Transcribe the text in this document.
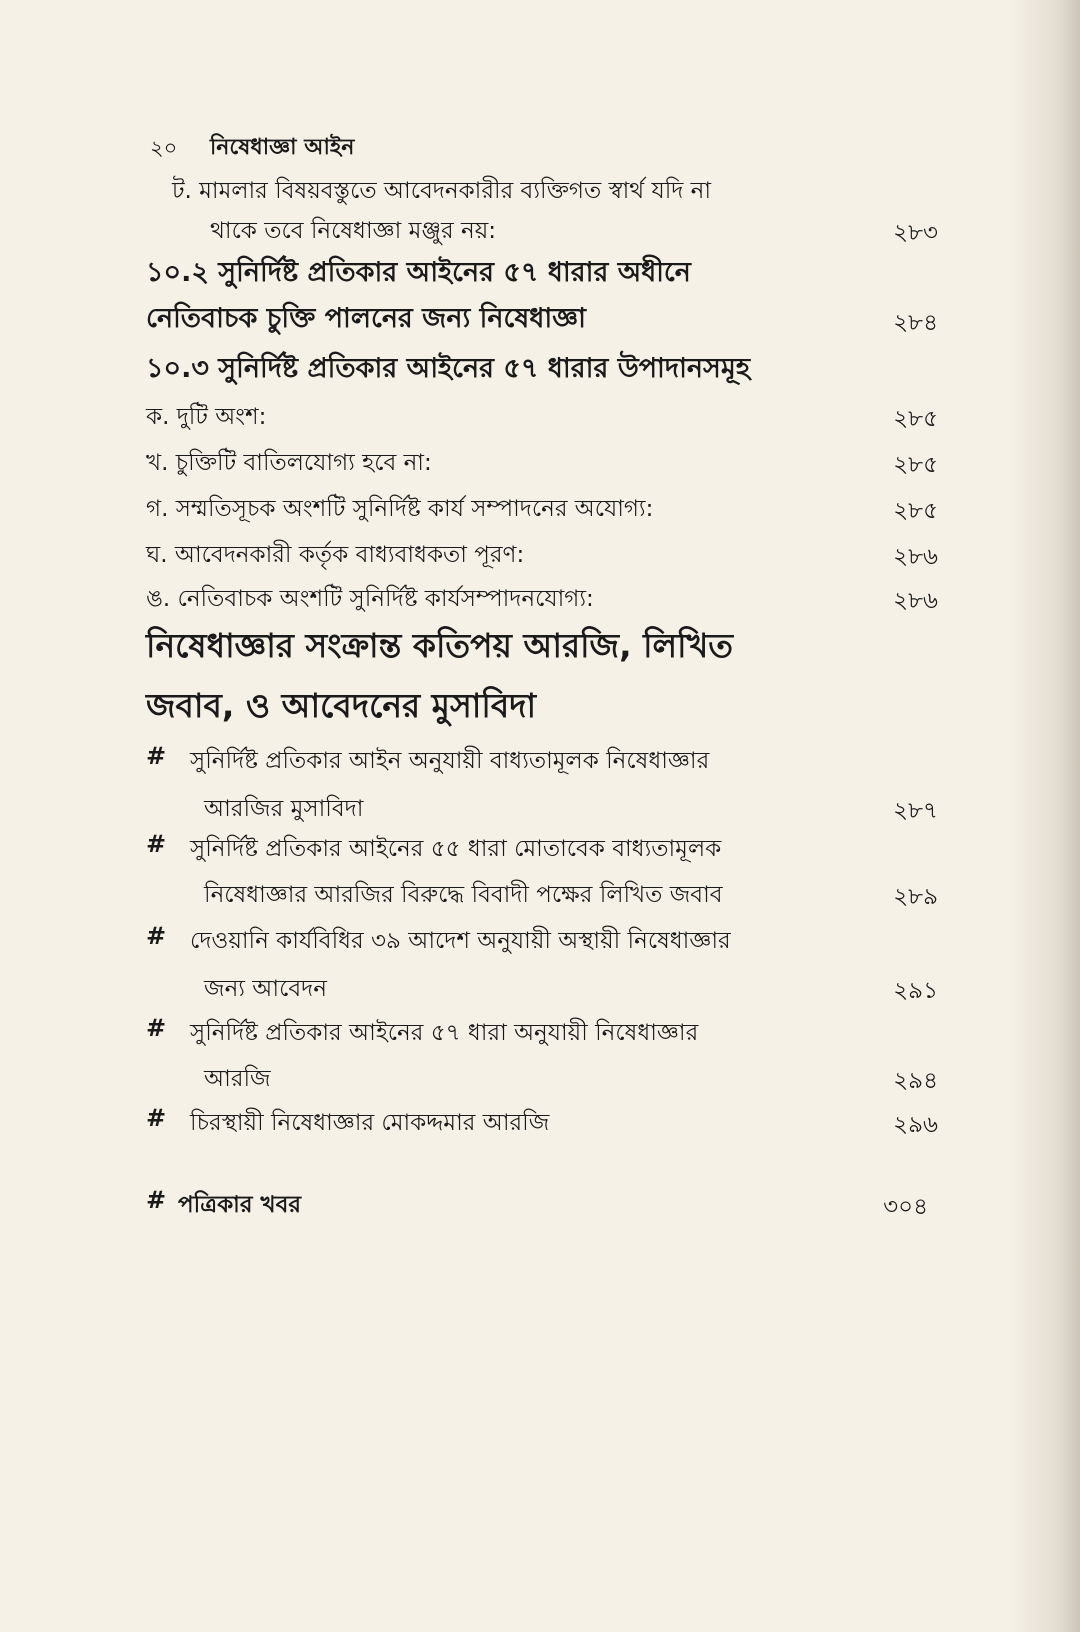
২০ নিষেধাজ্ঞা আইন
ট. মামলার বিষয়বস্তুতে আবেদনকারীর ব্যক্তিগত স্বার্থ যদি না
থাকে তবে নিষেধাজ্ঞা মঞ্জুর নয়:	২৮৩
১০.২ সুনির্দিষ্ট প্রতিকার আইনের ৫৭ ধারার অধীনে
নেতিবাচক চুক্তি পালনের জন্য নিষেধাজ্ঞা	২৮৪
১০.৩ সুনির্দিষ্ট প্রতিকার আইনের ৫৭ ধারার উপাদানসমূহ
ক. দুটি অংশ:	২৮৫
খ. চুক্তিটি বাতিলযোগ্য হবে না:	২৮৫
গ. সম্মতিসূচক অংশটি সুনির্দিষ্ট কার্য সম্পাদনের অযোগ্য:	২৮৫
ঘ. আবেদনকারী কর্তৃক বাধ্যবাধকতা পূরণ:	২৮৬
ঙ. নেতিবাচক অংশটি সুনির্দিষ্ট কার্যসম্পাদনযোগ্য:	২৮৬
নিষেধাজ্ঞার সংক্রান্ত কতিপয় আরজি, লিখিত
জবাব, ও আবেদনের মুসাবিদা
# সুনির্দিষ্ট প্রতিকার আইন অনুযায়ী বাধ্যতামূলক নিষেধাজ্ঞার
আরজির মুসাবিদা	২৮৭
# সুনির্দিষ্ট প্রতিকার আইনের ৫৫ ধারা মোতাবেক বাধ্যতামূলক
নিষেধাজ্ঞার আরজির বিরুদ্ধে বিবাদী পক্ষের লিখিত জবাব	২৮৯
# দেওয়ানি কার্যবিধির ৩৯ আদেশ অনুযায়ী অস্থায়ী নিষেধাজ্ঞার
জন্য আবেদন	২৯১
# সুনির্দিষ্ট প্রতিকার আইনের ৫৭ ধারা অনুযায়ী নিষেধাজ্ঞার
আরজি	২৯৪
# চিরস্থায়ী নিষেধাজ্ঞার মোকদ্দমার আরজি	২৯৬
# পত্রিকার খবর	৩০৪
